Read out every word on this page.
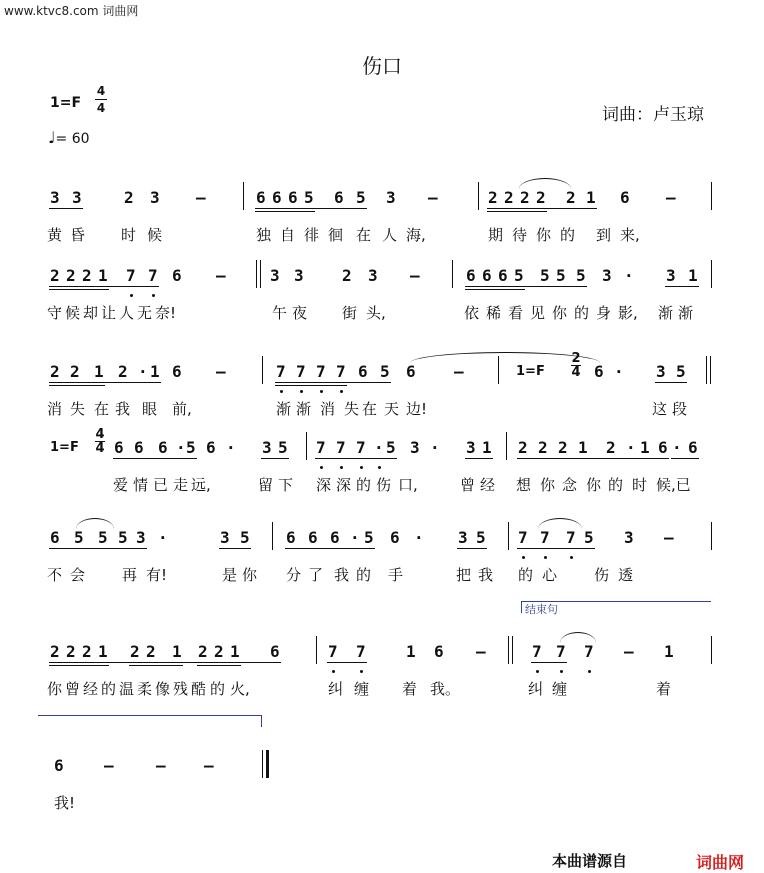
www.ktvc8.com 词曲网
伤口
1=F
4
4
♩= 60
词曲：卢玉琼
3 3	2 3 –	6 6 6 5 6 5 3 –	2 2 2 2 2 1 6 –
黄 昏 时 候	独 自 徘 徊 在 人 海,	期 待 你 的 到 来,
2 2 2 1 7 7 6 –	3 3 2 3 –	6 6 6 5 5 5 5 3 · 3 1
守 候 却 让 人 无 奈!	午 夜 街 头,	依 稀 看 见 你 的 身 影, 渐 渐
2 2 1 2 · 1 6 –	7 7 7 7 6 5 6 –	6 · 3 5
消 失 在 我 眼 前,	渐 渐 消 失 在 天 边!	这 段
6 6 6 · 5 6 · 3 5 7 7 7 · 5 3 · 3 1 2 2 2 1 2 · 1 6 · 6
爱 情 已 走 远,	留 下 深 深 的 伤 口,	曾 经 想 你 念 你 的 时 候,已
6 5 5 5 3 ·	3 5 6 6 6 · 5 6 · 3 5 7 7 7 5 3 –
不 会 再 有!	是 你 分 了 我 的 手	把 我 的 心 伤 透
2 2 2 1 2 2 1 2 2 1 6	7 7	1 6 –	7 7 7 – 1
你 曾 经 的 温 柔 像 残 酷 的 火,	纠 缠 着 我。	纠 缠	着
6	–	– –
我!
1=F
2
4
1=F
4
4
结束句
本曲谱源自	词曲网
